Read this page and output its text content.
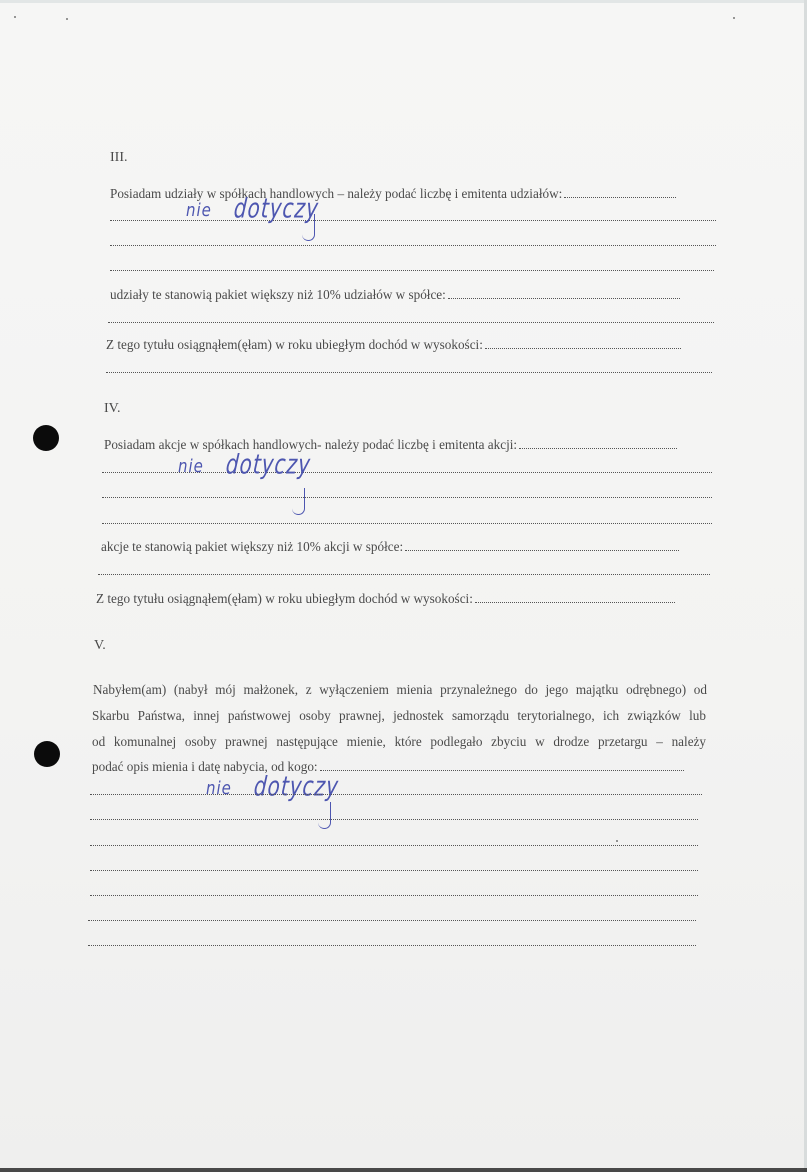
III.
Posiadam udziały w spółkach handlowych – należy podać liczbę i emitenta udziałów:
nie dotyczy
udziały te stanowią pakiet większy niż 10% udziałów w spółce:
Z tego tytułu osiągnąłem(ęłam) w roku ubiegłym dochód w wysokości:
IV.
Posiadam akcje w spółkach handlowych- należy podać liczbę i emitenta akcji:
nie dotyczy
akcje te stanowią pakiet większy niż 10% akcji w spółce:
Z tego tytułu osiągnąłem(ęłam) w roku ubiegłym dochód w wysokości:
V.
Nabyłem(am) (nabył mój małżonek, z wyłączeniem mienia przynależnego do jego majątku odrębnego) od
Skarbu Państwa, innej państwowej osoby prawnej, jednostek samorządu terytorialnego, ich związków lub
od komunalnej osoby prawnej następujące mienie, które podlegało zbyciu w drodze przetargu – należy
podać opis mienia i datę nabycia, od kogo:
nie dotyczy
